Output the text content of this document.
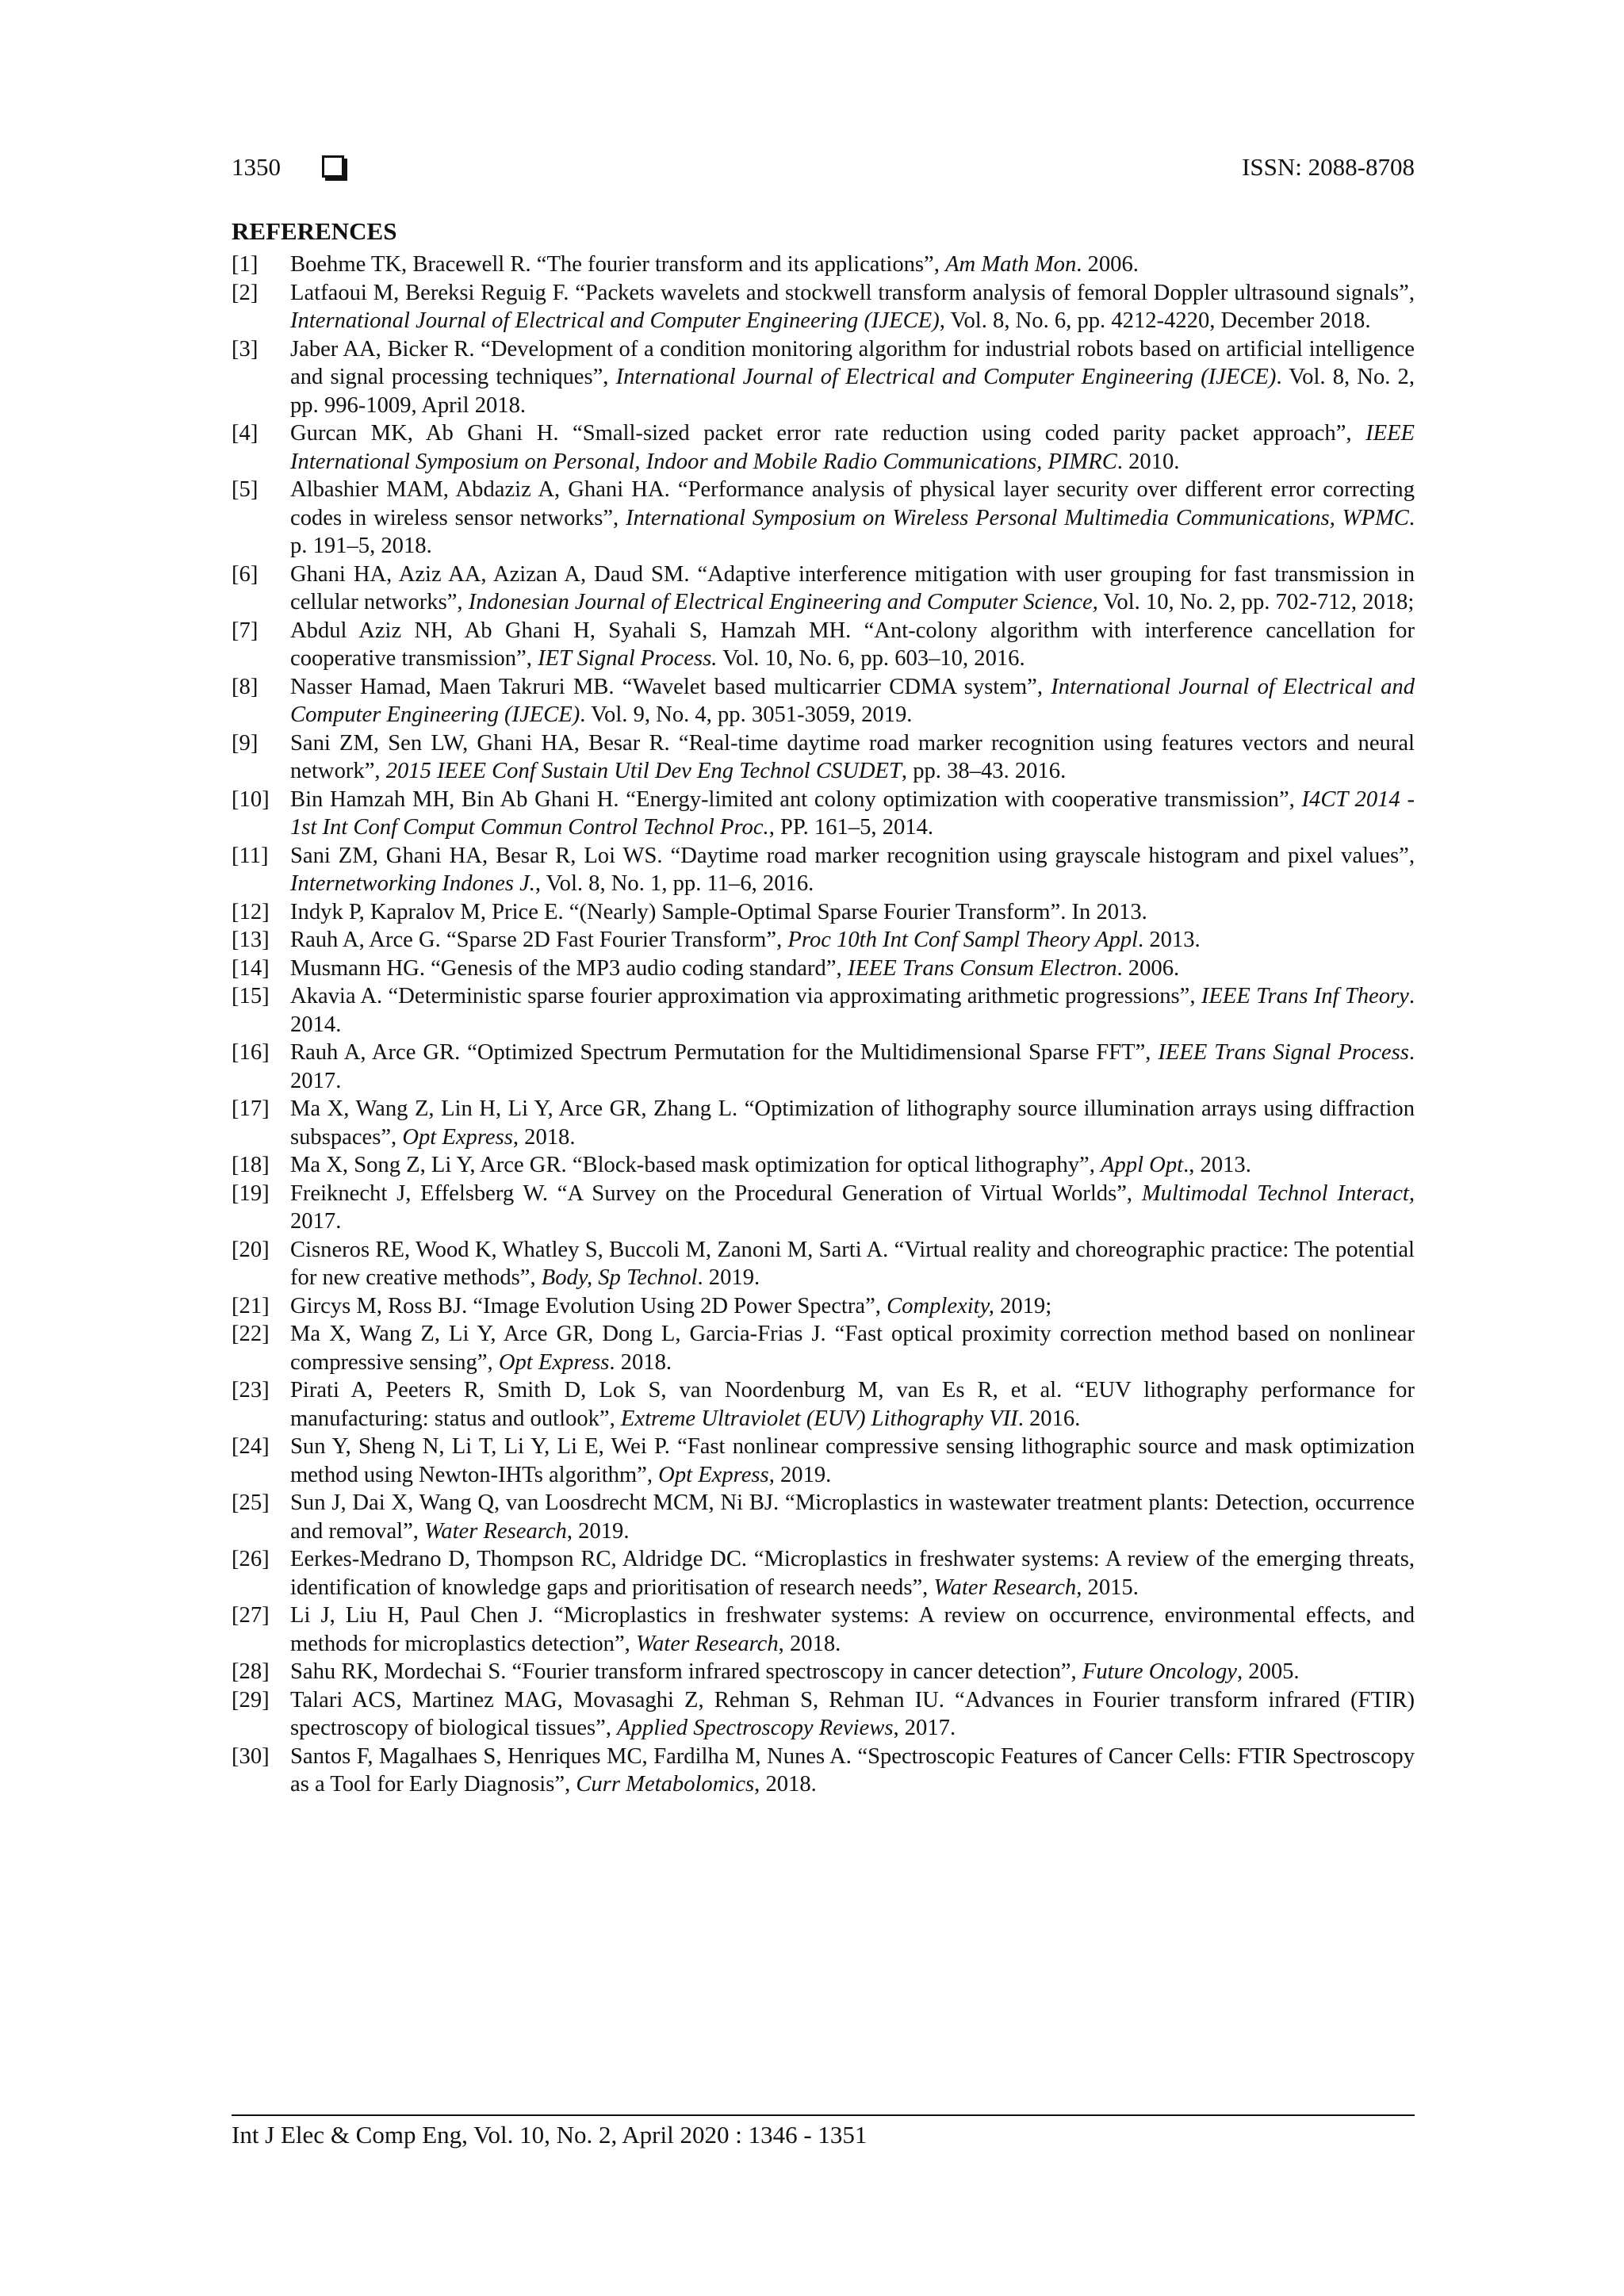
1350	ISSN: 2088-8708
REFERENCES
[1]	Boehme TK, Bracewell R. “The fourier transform and its applications”, Am Math Mon. 2006.
[2]	Latfaoui M, Bereksi Reguig F. “Packets wavelets and stockwell transform analysis of femoral Doppler ultrasound signals”, International Journal of Electrical and Computer Engineering (IJECE), Vol. 8, No. 6, pp. 4212-4220, December 2018.
[3]	Jaber AA, Bicker R. “Development of a condition monitoring algorithm for industrial robots based on artificial intelligence and signal processing techniques”, International Journal of Electrical and Computer Engineering (IJECE). Vol. 8, No. 2, pp. 996-1009, April 2018.
[4]	Gurcan MK, Ab Ghani H. “Small-sized packet error rate reduction using coded parity packet approach”, IEEE International Symposium on Personal, Indoor and Mobile Radio Communications, PIMRC. 2010.
[5]	Albashier MAM, Abdaziz A, Ghani HA. “Performance analysis of physical layer security over different error correcting codes in wireless sensor networks”, International Symposium on Wireless Personal Multimedia Communications, WPMC. p. 191–5, 2018.
[6]	Ghani HA, Aziz AA, Azizan A, Daud SM. “Adaptive interference mitigation with user grouping for fast transmission in cellular networks”, Indonesian Journal of Electrical Engineering and Computer Science, Vol. 10, No. 2, pp. 702-712, 2018;
[7]	Abdul Aziz NH, Ab Ghani H, Syahali S, Hamzah MH. “Ant-colony algorithm with interference cancellation for cooperative transmission”, IET Signal Process. Vol. 10, No. 6, pp. 603–10, 2016.
[8]	Nasser Hamad, Maen Takruri MB. “Wavelet based multicarrier CDMA system”, International Journal of Electrical and Computer Engineering (IJECE). Vol. 9, No. 4, pp. 3051-3059, 2019.
[9]	Sani ZM, Sen LW, Ghani HA, Besar R. “Real-time daytime road marker recognition using features vectors and neural network”, 2015 IEEE Conf Sustain Util Dev Eng Technol CSUDET, pp. 38–43. 2016.
[10] Bin Hamzah MH, Bin Ab Ghani H. “Energy-limited ant colony optimization with cooperative transmission”, I4CT 2014 - 1st Int Conf Comput Commun Control Technol Proc., PP. 161–5, 2014.
[11] Sani ZM, Ghani HA, Besar R, Loi WS. “Daytime road marker recognition using grayscale histogram and pixel values”, Internetworking Indones J., Vol. 8, No. 1, pp. 11–6, 2016.
[12] Indyk P, Kapralov M, Price E. “(Nearly) Sample-Optimal Sparse Fourier Transform”. In 2013.
[13] Rauh A, Arce G. “Sparse 2D Fast Fourier Transform”, Proc 10th Int Conf Sampl Theory Appl. 2013.
[14] Musmann HG. “Genesis of the MP3 audio coding standard”, IEEE Trans Consum Electron. 2006.
[15] Akavia A. “Deterministic sparse fourier approximation via approximating arithmetic progressions”, IEEE Trans Inf Theory. 2014.
[16] Rauh A, Arce GR. “Optimized Spectrum Permutation for the Multidimensional Sparse FFT”, IEEE Trans Signal Process. 2017.
[17] Ma X, Wang Z, Lin H, Li Y, Arce GR, Zhang L. “Optimization of lithography source illumination arrays using diffraction subspaces”, Opt Express, 2018.
[18] Ma X, Song Z, Li Y, Arce GR. “Block-based mask optimization for optical lithography”, Appl Opt., 2013.
[19] Freiknecht J, Effelsberg W. “A Survey on the Procedural Generation of Virtual Worlds”, Multimodal Technol Interact, 2017.
[20] Cisneros RE, Wood K, Whatley S, Buccoli M, Zanoni M, Sarti A. “Virtual reality and choreographic practice: The potential for new creative methods”, Body, Sp Technol. 2019.
[21] Gircys M, Ross BJ. “Image Evolution Using 2D Power Spectra”, Complexity, 2019;
[22] Ma X, Wang Z, Li Y, Arce GR, Dong L, Garcia-Frias J. “Fast optical proximity correction method based on nonlinear compressive sensing”, Opt Express. 2018.
[23] Pirati A, Peeters R, Smith D, Lok S, van Noordenburg M, van Es R, et al. “EUV lithography performance for manufacturing: status and outlook”, Extreme Ultraviolet (EUV) Lithography VII. 2016.
[24] Sun Y, Sheng N, Li T, Li Y, Li E, Wei P. “Fast nonlinear compressive sensing lithographic source and mask optimization method using Newton-IHTs algorithm”, Opt Express, 2019.
[25] Sun J, Dai X, Wang Q, van Loosdrecht MCM, Ni BJ. “Microplastics in wastewater treatment plants: Detection, occurrence and removal”, Water Research, 2019.
[26] Eerkes-Medrano D, Thompson RC, Aldridge DC. “Microplastics in freshwater systems: A review of the emerging threats, identification of knowledge gaps and prioritisation of research needs”, Water Research, 2015.
[27] Li J, Liu H, Paul Chen J. “Microplastics in freshwater systems: A review on occurrence, environmental effects, and methods for microplastics detection”, Water Research, 2018.
[28] Sahu RK, Mordechai S. “Fourier transform infrared spectroscopy in cancer detection”, Future Oncology, 2005.
[29] Talari ACS, Martinez MAG, Movasaghi Z, Rehman S, Rehman IU. “Advances in Fourier transform infrared (FTIR) spectroscopy of biological tissues”, Applied Spectroscopy Reviews, 2017.
[30] Santos F, Magalhaes S, Henriques MC, Fardilha M, Nunes A. “Spectroscopic Features of Cancer Cells: FTIR Spectroscopy as a Tool for Early Diagnosis”, Curr Metabolomics, 2018.
Int J Elec & Comp Eng, Vol. 10, No. 2, April 2020 : 1346 - 1351
